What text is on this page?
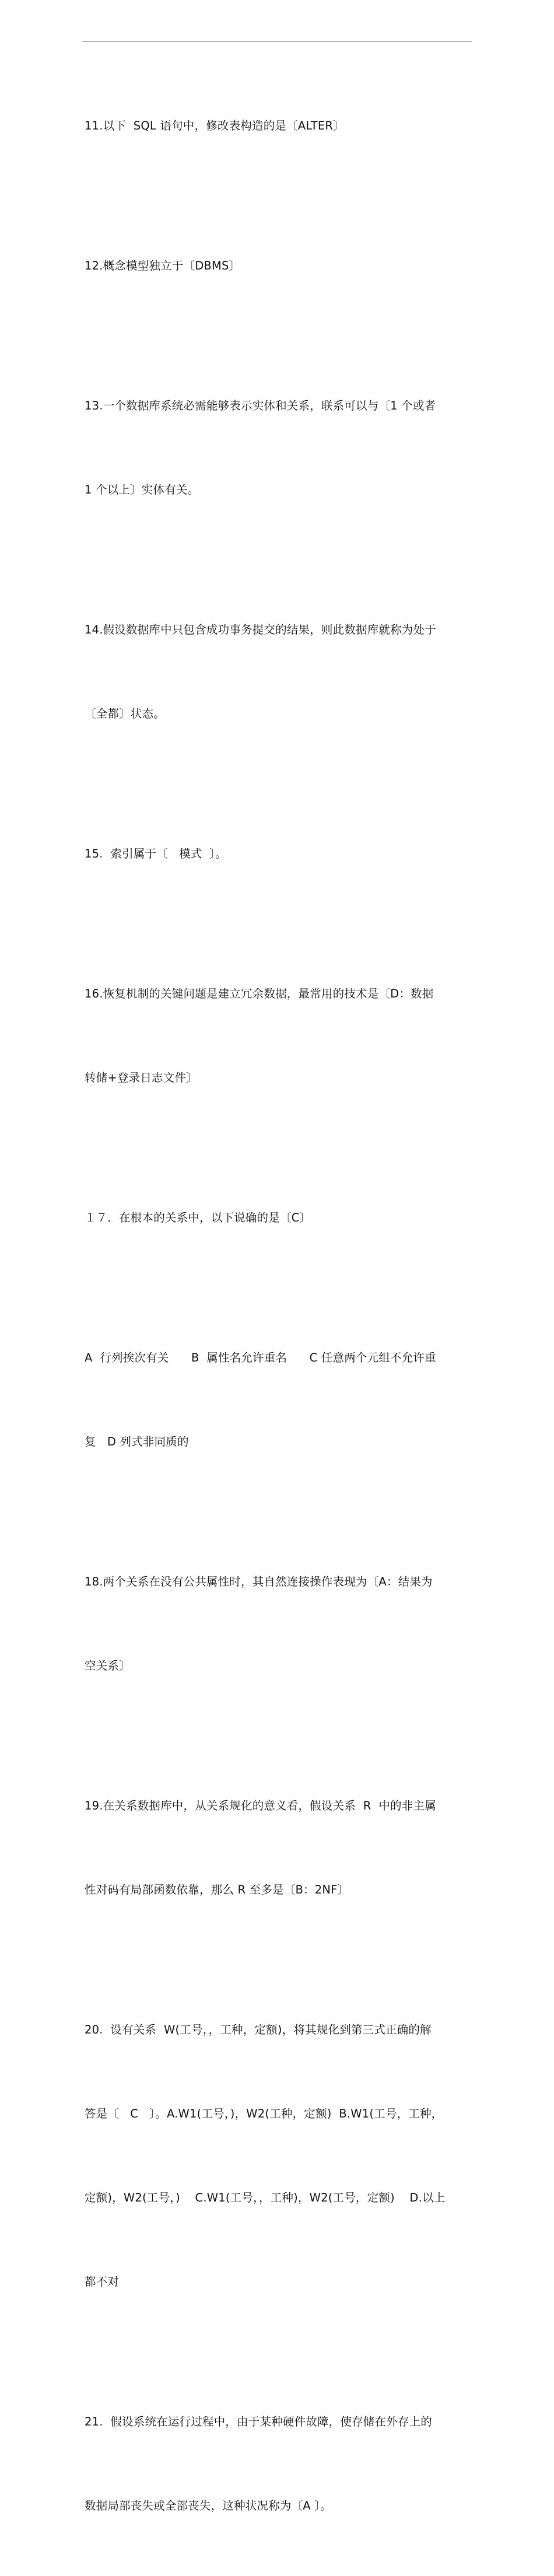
11.以下  SQL 语句中，修改表构造的是〔ALTER〕

12.概念模型独立于〔DBMS〕

13.一个数据库系统必需能够表示实体和关系，联系可以与〔1 个或者

1 个以上〕实体有关。

14.假设数据库中只包含成功事务提交的结果，则此数据库就称为处于

〔全都〕状态。

15.  索引属于〔   模式  〕。

16.恢复机制的关键问题是建立冗余数据，最常用的技术是〔D：数据

转储+登录日志文件〕

１７．在根本的关系中，以下说确的是〔C〕

A  行列挨次有关      B  属性名允许重名      C 任意两个元组不允许重

复   D 列式非同质的

18.两个关系在没有公共属性时，其自然连接操作表现为〔A：结果为

空关系〕

19.在关系数据库中，从关系规化的意义看，假设关系  R  中的非主属

性对码有局部函数依靠，那么 R 至多是〔B：2NF〕

20.  设有关系  W(工号，，工种，定额)，将其规化到第三式正确的解

答是〔   C   〕。A.W1(工号，)，W2(工种，定额)  B.W1(工号，工种，

定额)，W2(工号，)    C.W1(工号，，工种)，W2(工号，定额)    D.以上

都不对

21.  假设系统在运行过程中，由于某种硬件故障，使存储在外存上的

数据局部丧失或全部丧失，这种状况称为〔A 〕。
